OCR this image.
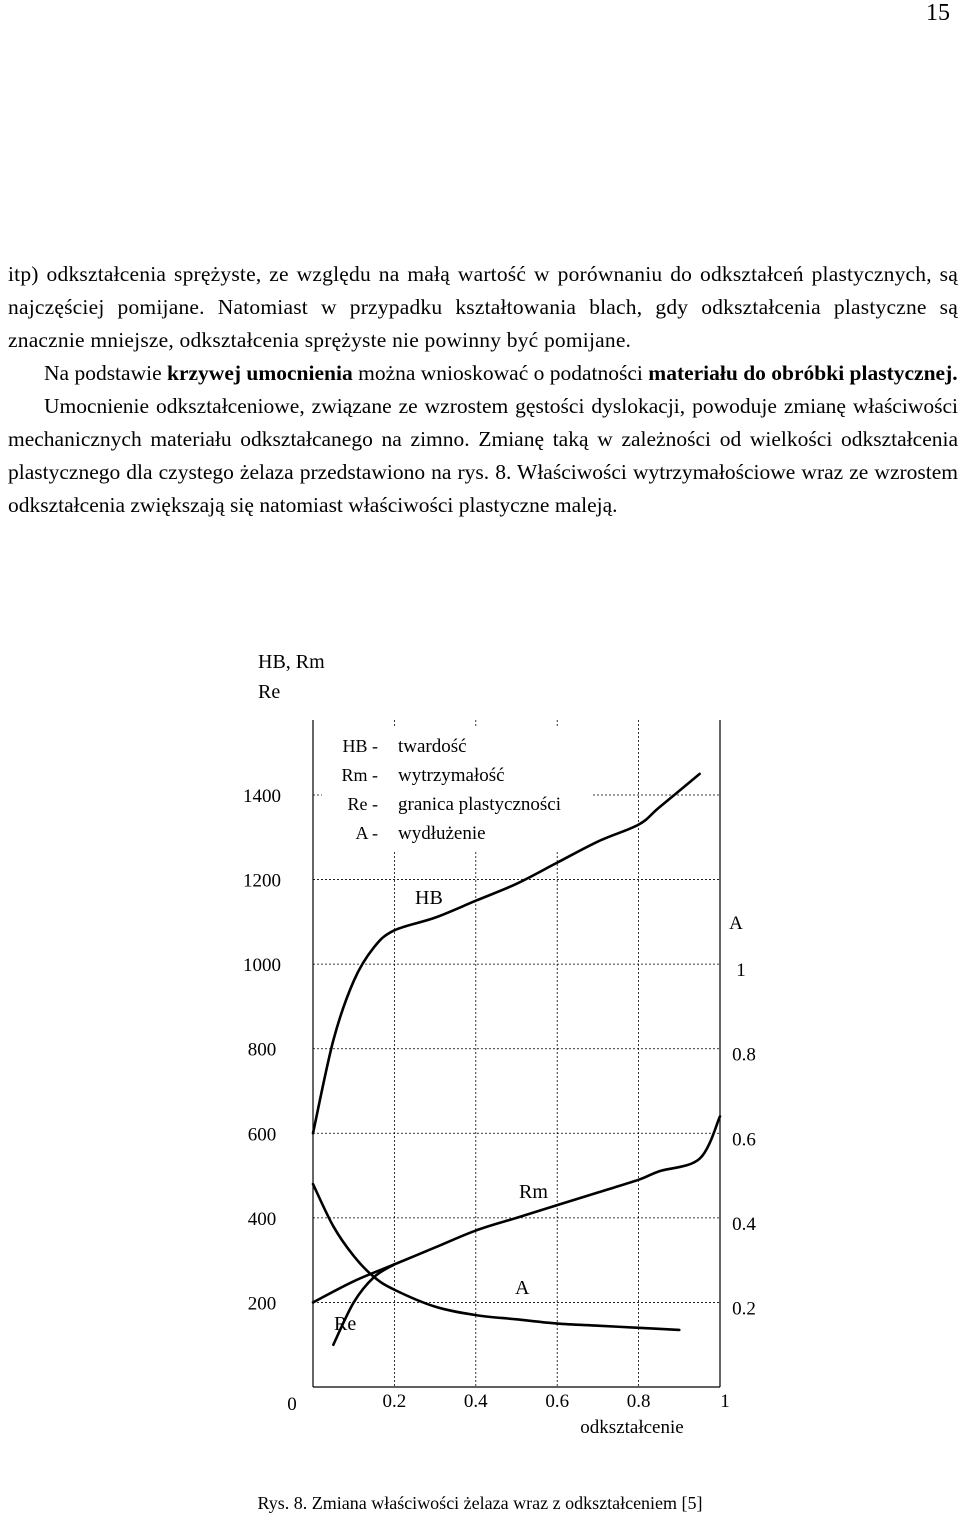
15

itp) odkształcenia sprężyste, ze względu na małą wartość w porównaniu do odkształceń plastycznych, są najczęściej pomijane. Natomiast w przypadku kształtowania blach, gdy odkształcenia plastyczne są znacznie mniejsze, odkształcenia sprężyste nie powinny być pomijane.

Na podstawie krzywej umocnienia można wnioskować o podatności materiału do obróbki plastycznej.

Umocnienie odkształceniowe, związane ze wzrostem gęstości dyslokacji, powoduje zmianę właściwości mechanicznych materiału odkształcanego na zimno. Zmianę taką w zależności od wielkości odkształcenia plastycznego dla czystego żelaza przedstawiono na rys. 8. Właściwości wytrzymałościowe wraz ze wzrostem odkształcenia zwiększają się natomiast właściwości plastyczne maleją.

HB, Rm
Re
1400
1200
1000
800
600
400
200
0
A
1
0.8
0.6
0.4
0.2
0.2	0.4	0.6	0.8	1
odkształcenie
HB - twardość
Rm - wytrzymałość
Re - granica plastyczności
A - wydłużenie
HB
Rm
A
Re
Rys. 8. Zmiana właściwości żelaza wraz z odkształceniem [5]
